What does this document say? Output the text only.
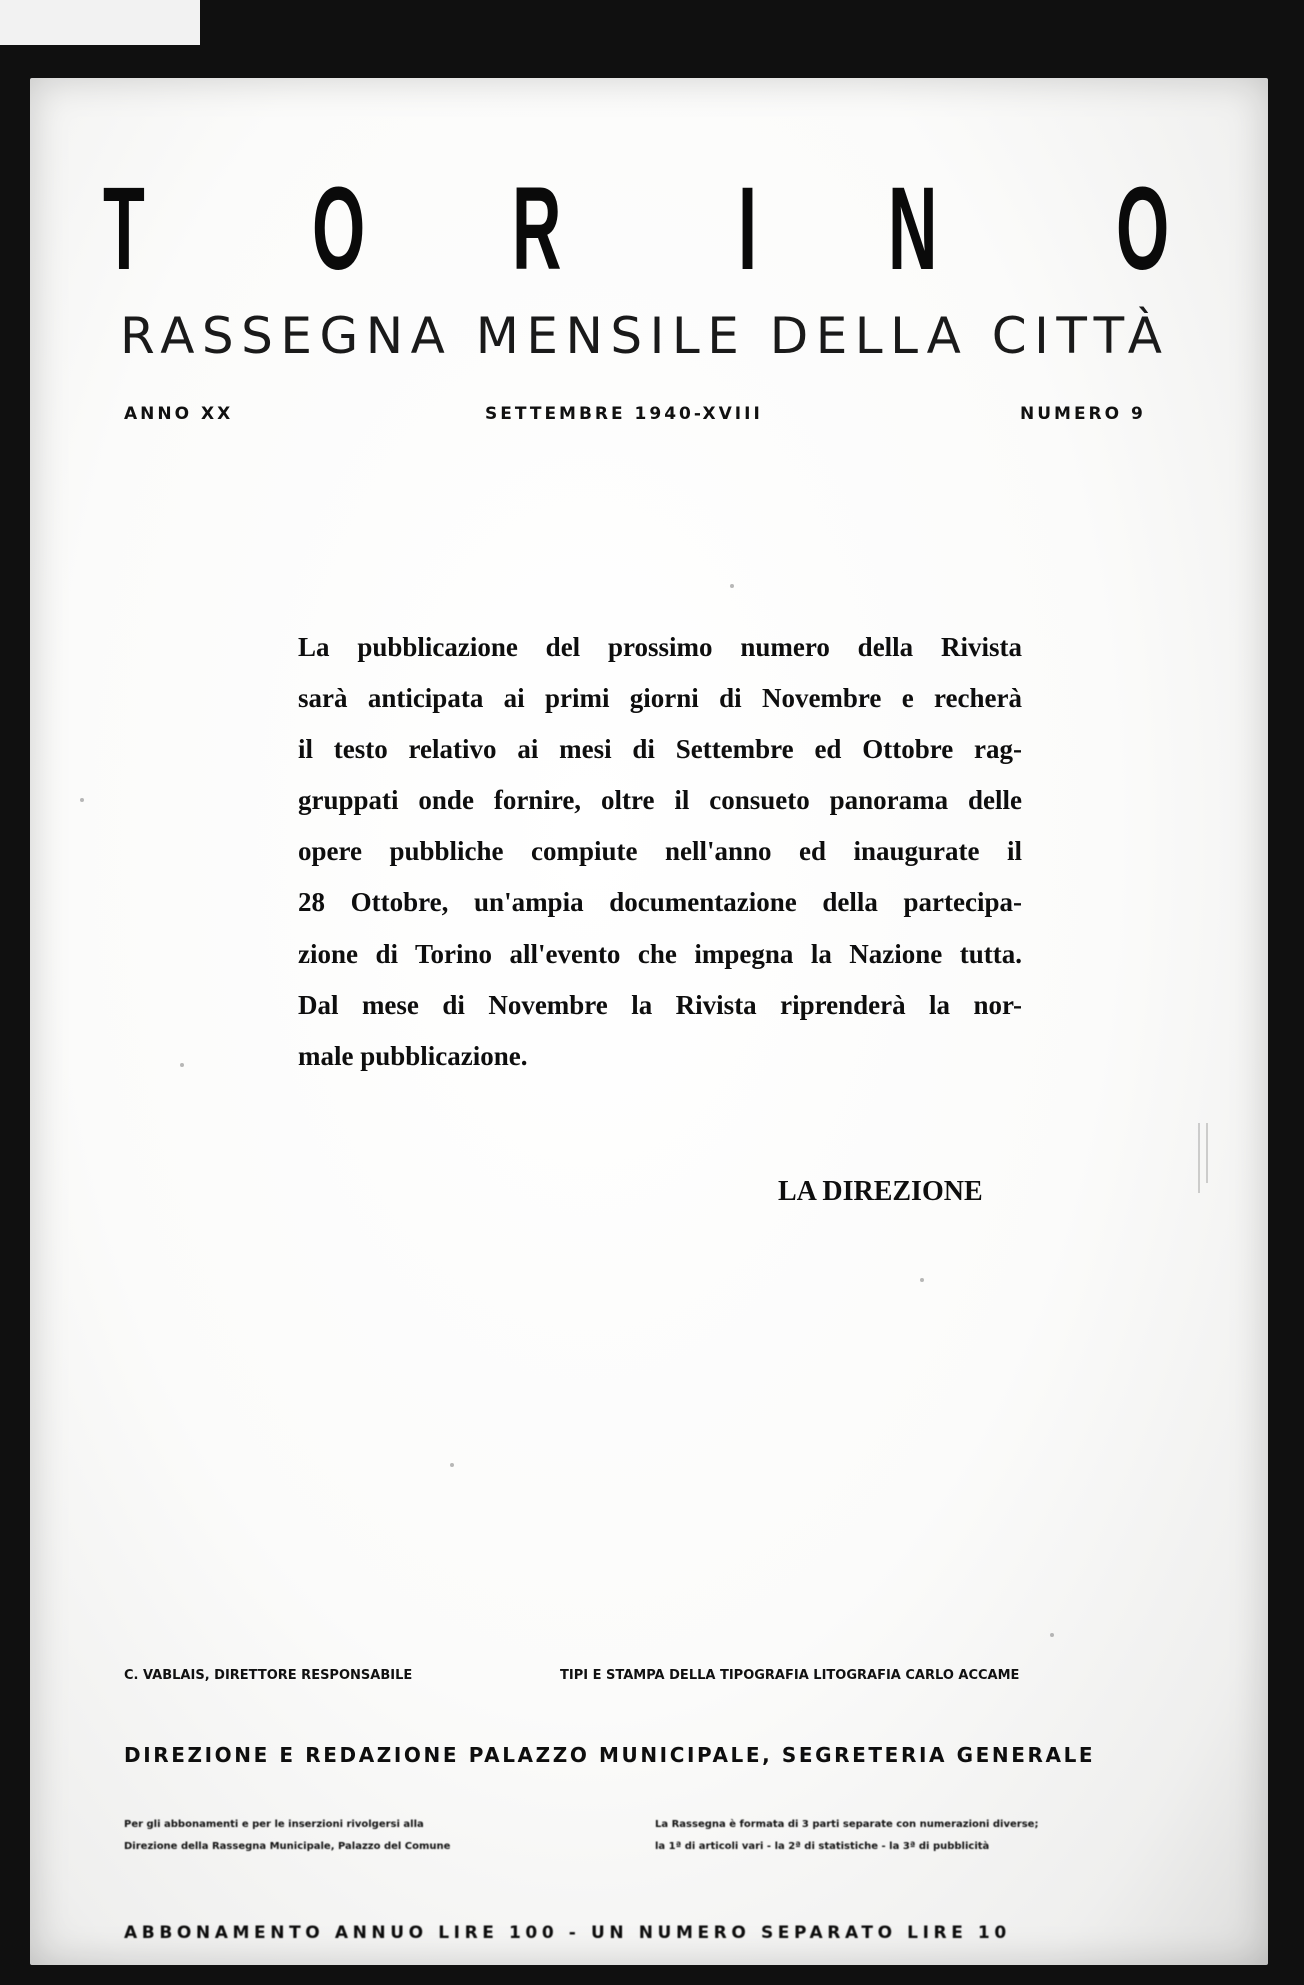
T O R I N O
RASSEGNA MENSILE DELLA CITTÀ
ANNO XX	SETTEMBRE 1940-XVIII	NUMERO 9
La pubblicazione del prossimo numero della Rivista
sarà anticipata ai primi giorni di Novembre e recherà
il testo relativo ai mesi di Settembre ed Ottobre rag-
gruppati onde fornire, oltre il consueto panorama delle
opere pubbliche compiute nell'anno ed inaugurate il
28 Ottobre, un'ampia documentazione della partecipa-
zione di Torino all'evento che impegna la Nazione tutta.
Dal mese di Novembre la Rivista riprenderà la nor-
male pubblicazione.
LA DIREZIONE
C. VABLAIS, DIRETTORE RESPONSABILE	TIPI E STAMPA DELLA TIPOGRAFIA LITOGRAFIA CARLO ACCAME
DIREZIONE E REDAZIONE PALAZZO MUNICIPALE, SEGRETERIA GENERALE
Per gli abbonamenti e per le inserzioni rivolgersi alla
Direzione della Rassegna Municipale, Palazzo del Comune
La Rassegna è formata di 3 parti separate con numerazioni diverse;
la 1ª di articoli vari - la 2ª di statistiche - la 3ª di pubblicità
ABBONAMENTO ANNUO LIRE 100 - UN NUMERO SEPARATO LIRE 10
